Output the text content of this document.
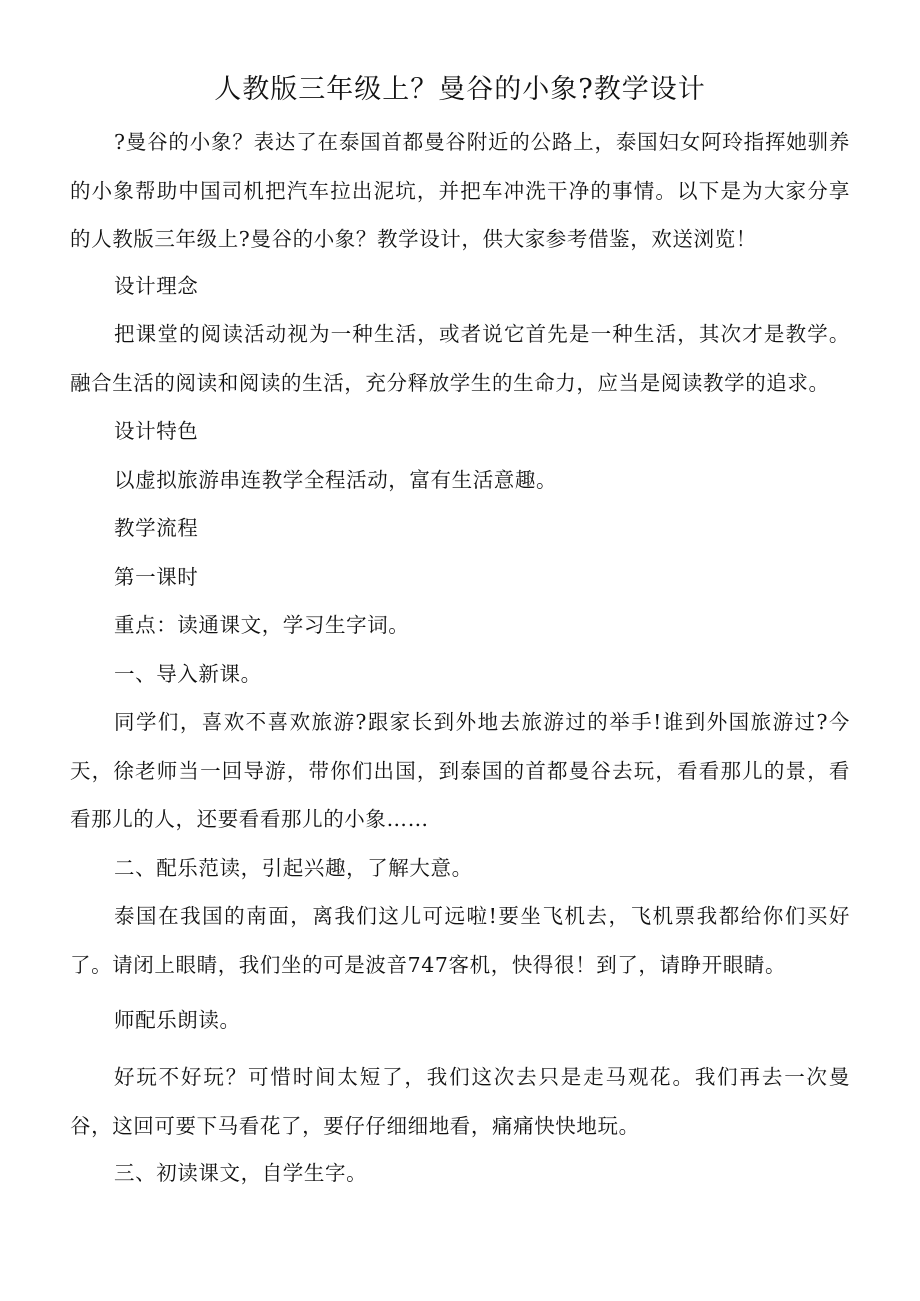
人教版三年级上？曼谷的小象?教学设计

?曼谷的小象？表达了在泰国首都曼谷附近的公路上，泰国妇女阿玲指挥她驯养的小象帮助中国司机把汽车拉出泥坑，并把车冲洗干净的事情。以下是为大家分享的人教版三年级上?曼谷的小象？教学设计，供大家参考借鉴，欢送浏览！

设计理念

把课堂的阅读活动视为一种生活，或者说它首先是一种生活，其次才是教学。融合生活的阅读和阅读的生活，充分释放学生的生命力，应当是阅读教学的追求。

设计特色

以虚拟旅游串连教学全程活动，富有生活意趣。

教学流程

第一课时

重点：读通课文，学习生字词。

一、导入新课。

同学们，喜欢不喜欢旅游?跟家长到外地去旅游过的举手!谁到外国旅游过?今天，徐老师当一回导游，带你们出国，到泰国的首都曼谷去玩，看看那儿的景，看看那儿的人，还要看看那儿的小象……

二、配乐范读，引起兴趣，了解大意。

泰国在我国的南面，离我们这儿可远啦!要坐飞机去，飞机票我都给你们买好了。请闭上眼睛，我们坐的可是波音747客机，快得很！到了，请睁开眼睛。

师配乐朗读。

好玩不好玩？可惜时间太短了，我们这次去只是走马观花。我们再去一次曼谷，这回可要下马看花了，要仔仔细细地看，痛痛快快地玩。

三、初读课文，自学生字。
